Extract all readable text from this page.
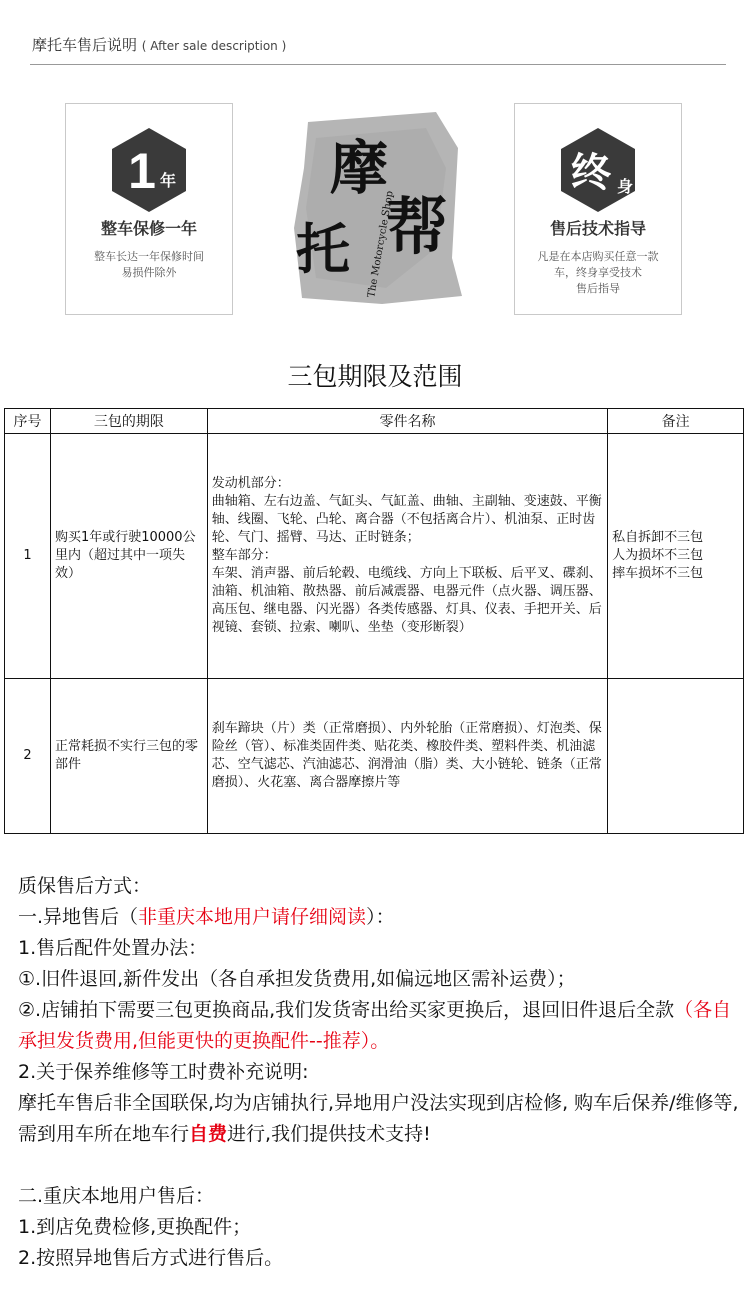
摩托车售后说明 ( After sale description )
1 年
整车保修一年
整车长达一年保修时间
易损件除外
摩
托 帮
The Motorcycle Shop
终 身
售后技术指导
凡是在本店购买任意一款
车，终身享受技术
售后指导
三包期限及范围
序号	三包的期限	零件名称	备注
1	购买1年或行驶10000公里内（超过其中一项失效）	发动机部分：
曲轴箱、左右边盖、气缸头、气缸盖、曲轴、主副轴、变速鼓、平衡轴、线圈、飞轮、凸轮、离合器（不包括离合片）、机油泵、正时齿轮、气门、摇臂、马达、正时链条；
整车部分：
车架、消声器、前后轮毂、电缆线、方向上下联板、后平叉、碟刹、油箱、机油箱、散热器、前后减震器、电器元件（点火器、调压器、高压包、继电器、闪光器）各类传感器、灯具、仪表、手把开关、后视镜、套锁、拉索、喇叭、坐垫（变形断裂）	私自拆卸不三包
人为损坏不三包
摔车损坏不三包
2	正常耗损不实行三包的零部件	刹车蹄块（片）类（正常磨损）、内外轮胎（正常磨损）、灯泡类、保险丝（管）、标准类固件类、贴花类、橡胶件类、塑料件类、机油滤芯、空气滤芯、汽油滤芯、润滑油（脂）类、大小链轮、链条（正常磨损）、火花塞、离合器摩擦片等	

质保售后方式：

一.异地售后（非重庆本地用户请仔细阅读）：

1.售后配件处置办法：

①.旧件退回,新件发出（各自承担发货费用,如偏远地区需补运费）；

②.店铺拍下需要三包更换商品,我们发货寄出给买家更换后，退回旧件退后全款（各自承担发货费用,但能更快的更换配件--推荐）。

2.关于保养维修等工时费补充说明:

摩托车售后非全国联保,均为店铺执行,异地用户没法实现到店检修, 购车后保养/维修等,需到用车所在地车行自费进行,我们提供技术支持!

二.重庆本地用户售后：

1.到店免费检修,更换配件；

2.按照异地售后方式进行售后。
